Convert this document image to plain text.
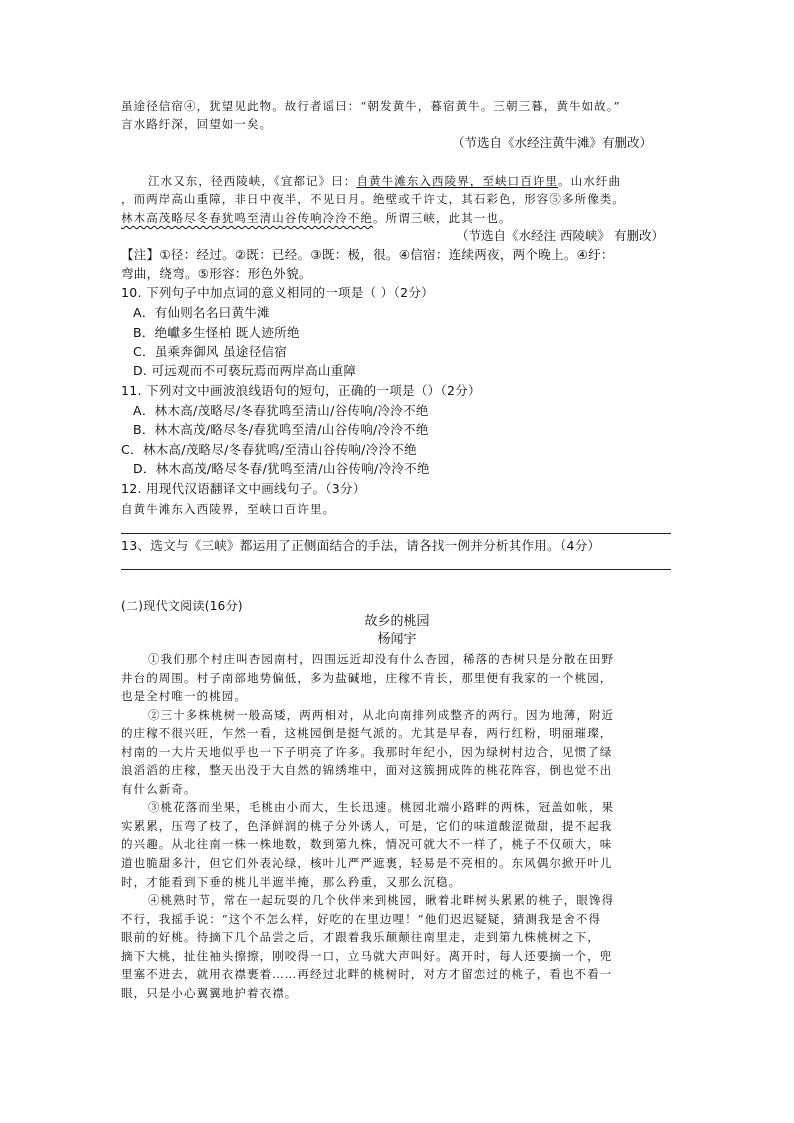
虽途径信宿④，犹望见此物。故行者谣曰：“朝发黄牛，暮宿黄牛。三朝三暮，黄牛如故。”
言水路纡深，回望如一矣。
（节选自《水经注黄牛滩》有删改）
江水又东，径西陵峡，《宜都记》曰：自黄牛滩东入西陵界，至峡口百许里。山水纡曲
，而两岸高山重障，非日中夜半，不见日月。绝壁或千许丈，其石彩色，形容⑤多所像类。
林木高茂略尽冬春犹鸣至清山谷传响冷泠不绝。所谓三峡，此其一也。
（节选自《水经注 西陵峡》 有删改）
【注】①径：经过。②既：已经。③既：极，很。④信宿：连续两夜，两个晚上。④纡：
弯曲，绕弯。⑤形容：形色外貌。
10. 下列句子中加点词的意义相同的一项是（ ）（2分）
A．有仙则名名曰黄牛滩
B．绝巘多生怪柏 既人迹所绝
C．虽乘奔御风 虽途径信宿
D. 可远观而不可亵玩焉而两岸高山重障
11. 下列对文中画波浪线语句的短句，正确的一项是（）（2分）
A．林木高/茂略尽/冬春犹鸣至清山/谷传响/冷泠不绝
B．林木高茂/略尽冬/春犹鸣至清/山谷传响/冷泠不绝
C．林木高/茂略尽/冬春犹鸣/至清山谷传响/冷泠不绝
D．林木高茂/略尽冬春/犹鸣至清/山谷传响/冷泠不绝
12. 用现代汉语翻译文中画线句子。（3分）
自黄牛滩东入西陵界，至峡口百许里。
13、选文与《三峡》都运用了正侧面结合的手法，请各找一例并分析其作用。（4分）
(二)现代文阅读(16分)
故乡的桃园
杨闻宇
①我们那个村庄叫杏园南村，四围远近却没有什么杏园，稀落的杏树只是分散在田野
井台的周围。村子南部地势偏低，多为盐碱地，庄稼不肯长，那里便有我家的一个桃园，
也是全村唯一的桃园。
②三十多株桃树一般高矮，两两相对，从北向南排列成整齐的两行。因为地薄，附近
的庄稼不很兴旺，乍然一看，这桃园倒是挺气派的。尤其是早春，两行红粉，明丽璀璨，
村南的一大片天地似乎也一下子明亮了许多。我那时年纪小，因为绿树村边合，见惯了绿
浪滔滔的庄稼，整天出没于大自然的锦绣堆中，面对这簇拥成阵的桃花阵容，倒也觉不出
有什么新奇。
③桃花落而坐果，毛桃由小而大，生长迅速。桃园北端小路畔的两株，冠盖如帐，果
实累累，压弯了枝了，色泽鲜润的桃子分外诱人，可是，它们的味道酸涩微甜，提不起我
的兴趣。从北往南一株一株地数，数到第九株，情况可就大不一样了，桃子不仅硕大，味
道也脆甜多汁，但它们外表沁绿，核叶儿严严遮裹，轻易是不亮相的。东风偶尔掀开叶儿
时，才能看到下垂的桃儿半遮半掩，那么矜重，又那么沉稳。
④桃熟时节，常在一起玩耍的几个伙伴来到桃园，瞅着北畔树头累累的桃子，眼馋得
不行，我摇手说：“这个不怎么样，好吃的在里边哩！”他们迟迟疑疑，猜测我是舍不得
眼前的好桃。待摘下几个品尝之后，才跟着我乐颠颠往南里走，走到第九株桃树之下，
摘下大桃，扯住袖头擦擦，刚咬得一口，立马就大声叫好。离开时，每人还要摘一个，兜
里塞不进去，就用衣襟裹着……再经过北畔的桃树时，对方才留恋过的桃子，看也不看一
眼，只是小心翼翼地护着衣襟。
